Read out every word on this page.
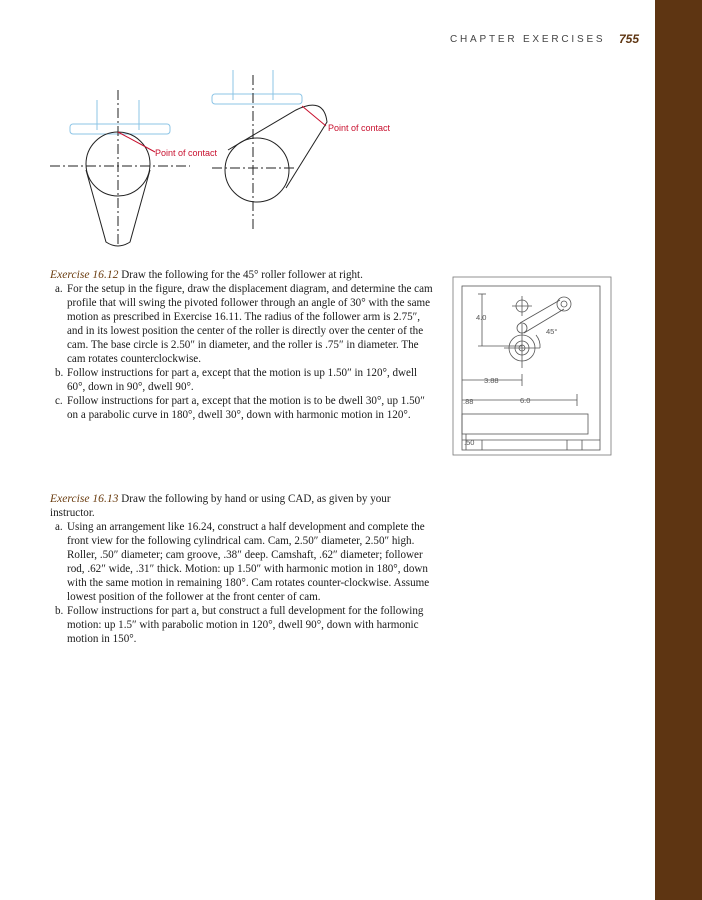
CHAPTER EXERCISES 755
Point of contact
Point of contact

Exercise 16.12 Draw the following for the 45° roller follower at right.

a. For the setup in the figure, draw the displacement diagram, and determine the cam profile that will swing the pivoted follower through an angle of 30° with the same motion as prescribed in Exercise 16.11. The radius of the follower arm is 2.75″, and in its lowest position the center of the roller is directly over the center of the cam. The base circle is 2.50″ in diameter, and the roller is .75″ in diameter. The cam rotates counterclockwise.
b. Follow instructions for part a, except that the motion is up 1.50″ in 120°, dwell 60°, down in 90°, dwell 90°.
c. Follow instructions for part a, except that the motion is to be dwell 30°, up 1.50″ on a parabolic curve in 180°, dwell 30°, down with harmonic motion in 120°.
4.0
45°
3.88
.88	6.0
.50

Exercise 16.13 Draw the following by hand or using CAD, as given by your instructor.

a. Using an arrangement like 16.24, construct a half development and complete the front view for the following cylindrical cam. Cam, 2.50″ diameter, 2.50″ high. Roller, .50″ diameter; cam groove, .38″ deep. Camshaft, .62″ diameter; follower rod, .62″ wide, .31″ thick. Motion: up 1.50″ with harmonic motion in 180°, down with the same motion in remaining 180°. Cam rotates counter-clockwise. Assume lowest position of the follower at the front center of cam.
b. Follow instructions for part a, but construct a full development for the following motion: up 1.5″ with parabolic motion in 120°, dwell 90°, down with harmonic motion in 150°.
